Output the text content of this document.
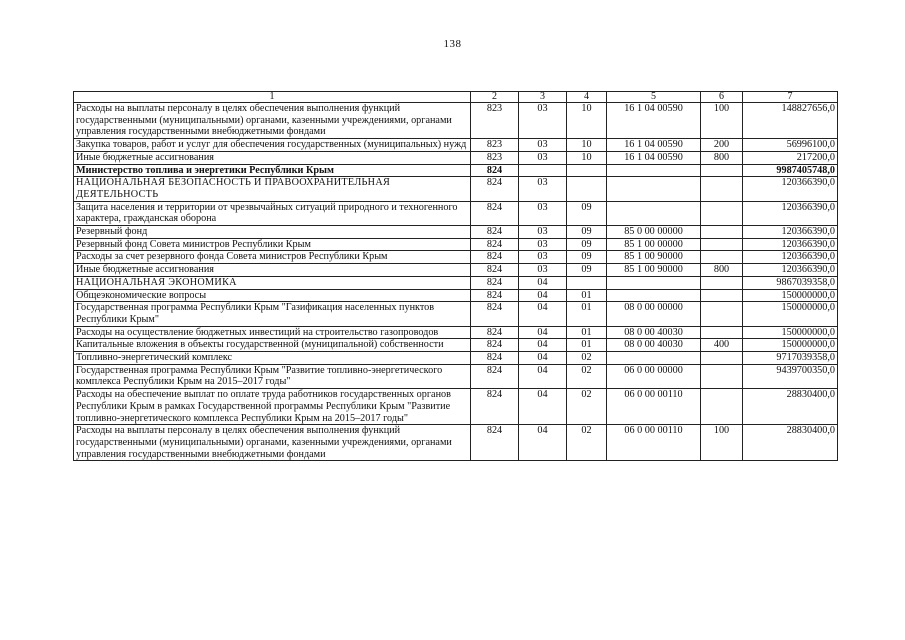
138
1	2	3	4	5	6	7
Расходы на выплаты персоналу в целях обеспечения выполнения функций государственными (муниципальными) органами, казенными учреждениями, органами управления государственными внебюджетными фондами	823	03	10	16 1 04 00590	100	148827656,0
Закупка товаров, работ и услуг для обеспечения государственных (муниципальных) нужд	823	03	10	16 1 04 00590	200	56996100,0
Иные бюджетные ассигнования	823	03	10	16 1 04 00590	800	217200,0
Министерство топлива и энергетики Республики Крым	824					9987405748,0
НАЦИОНАЛЬНАЯ БЕЗОПАСНОСТЬ И ПРАВООХРАНИТЕЛЬНАЯ ДЕЯТЕЛЬНОСТЬ	824	03				120366390,0
Защита населения и территории от чрезвычайных ситуаций природного и техногенного характера, гражданская оборона	824	03	09			120366390,0
Резервный фонд	824	03	09	85 0 00 00000		120366390,0
Резервный фонд Совета министров Республики Крым	824	03	09	85 1 00 00000		120366390,0
Расходы за счет резервного фонда Совета министров Республики Крым	824	03	09	85 1 00 90000		120366390,0
Иные бюджетные ассигнования	824	03	09	85 1 00 90000	800	120366390,0
НАЦИОНАЛЬНАЯ ЭКОНОМИКА	824	04				9867039358,0
Общеэкономические вопросы	824	04	01			150000000,0
Государственная программа Республики Крым "Газификация населенных пунктов Республики Крым"	824	04	01	08 0 00 00000		150000000,0
Расходы на осуществление бюджетных инвестиций на строительство газопроводов	824	04	01	08 0 00 40030		150000000,0
Капитальные вложения в объекты государственной (муниципальной) собственности	824	04	01	08 0 00 40030	400	150000000,0
Топливно-энергетический комплекс	824	04	02			9717039358,0
Государственная программа Республики Крым "Развитие топливно-энергетического комплекса Республики Крым на 2015–2017 годы"	824	04	02	06 0 00 00000		9439700350,0
Расходы на обеспечение выплат по оплате труда работников государственных органов Республики Крым в рамках Государственной программы Республики Крым "Развитие топливно-энергетического комплекса Республики Крым на 2015–2017 годы"	824	04	02	06 0 00 00110		28830400,0
Расходы на выплаты персоналу в целях обеспечения выполнения функций государственными (муниципальными) органами, казенными учреждениями, органами управления государственными внебюджетными фондами	824	04	02	06 0 00 00110	100	28830400,0
